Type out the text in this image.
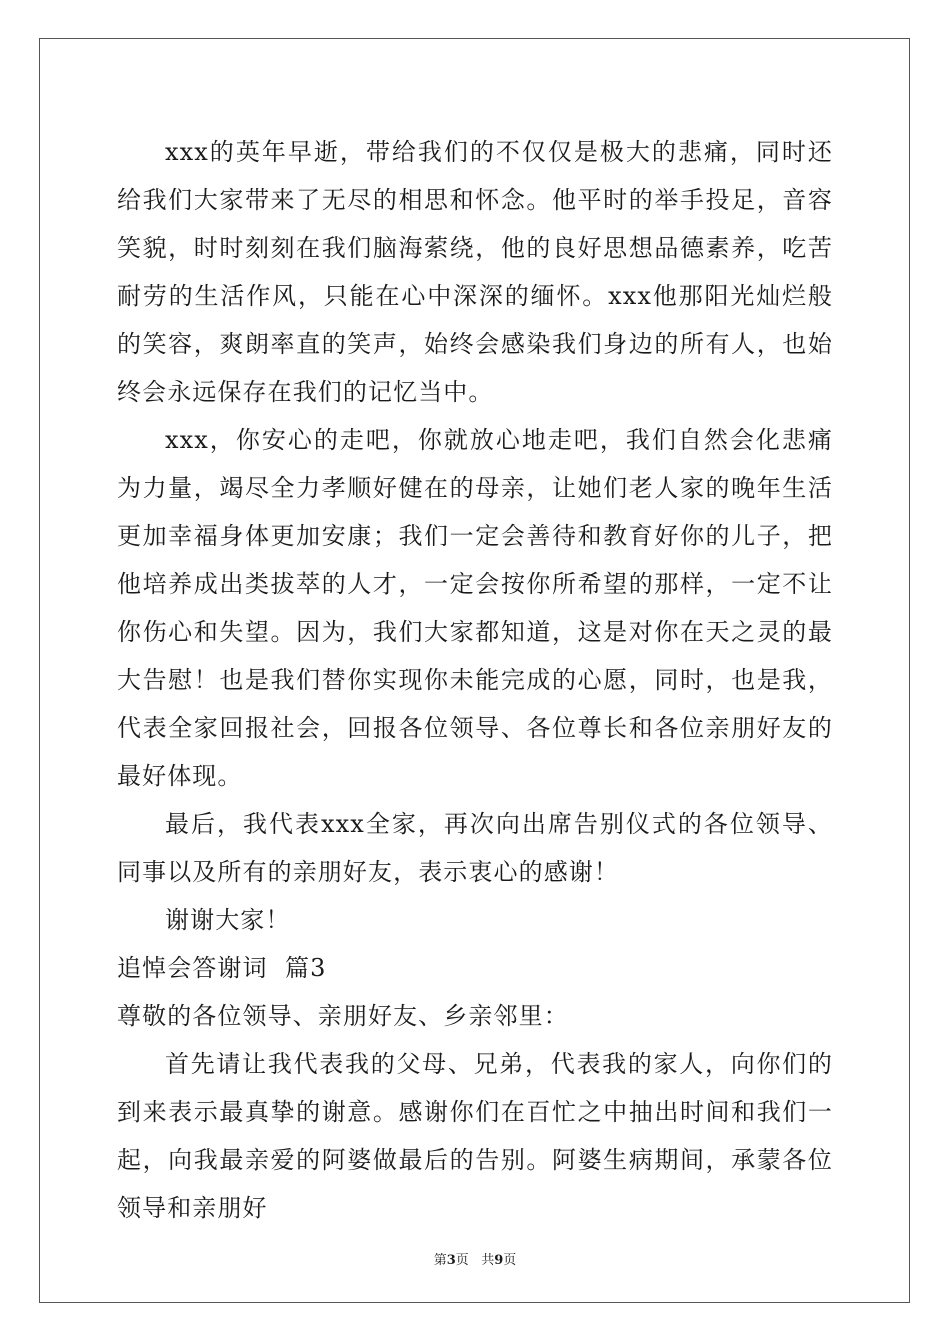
xxx的英年早逝，带给我们的不仅仅是极大的悲痛，同时还给我们大家带来了无尽的相思和怀念。他平时的举手投足，音容笑貌，时时刻刻在我们脑海萦绕，他的良好思想品德素养，吃苦耐劳的生活作风，只能在心中深深的缅怀。xxx他那阳光灿烂般的笑容，爽朗率直的笑声，始终会感染我们身边的所有人，也始终会永远保存在我们的记忆当中。

xxx，你安心的走吧，你就放心地走吧，我们自然会化悲痛为力量，竭尽全力孝顺好健在的母亲，让她们老人家的晚年生活更加幸福身体更加安康；我们一定会善待和教育好你的儿子，把他培养成出类拔萃的人才，一定会按你所希望的那样，一定不让你伤心和失望。因为，我们大家都知道，这是对你在天之灵的最大告慰！也是我们替你实现你未能完成的心愿，同时，也是我，代表全家回报社会，回报各位领导、各位尊长和各位亲朋好友的最好体现。

最后，我代表xxx全家，再次向出席告别仪式的各位领导、同事以及所有的亲朋好友，表示衷心的感谢！

谢谢大家！

追悼会答谢词  篇3

尊敬的各位领导、亲朋好友、乡亲邻里：

首先请让我代表我的父母、兄弟，代表我的家人，向你们的到来表示最真挚的谢意。感谢你们在百忙之中抽出时间和我们一起，向我最亲爱的阿婆做最后的告别。阿婆生病期间，承蒙各位领导和亲朋好

第3页 共9页
